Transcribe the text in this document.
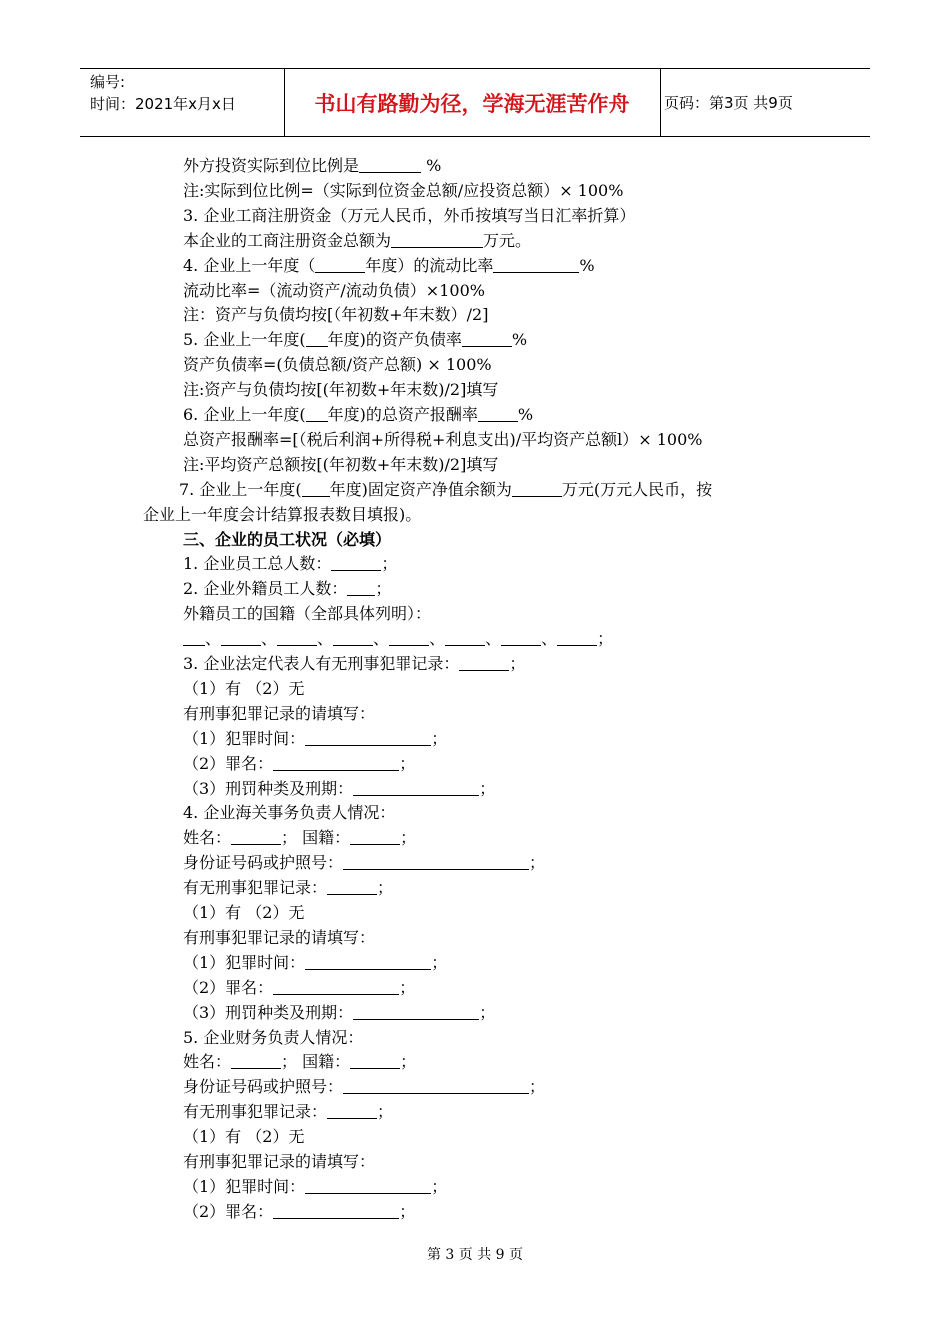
编号:
时间：2021年x月x日	书山有路勤为径，学海无涯苦作舟	页码：第3页 共9页
外方投资实际到位比例是	%
注:实际到位比例=（实际到位资金总额/应投资总额）× 100%
3. 企业工商注册资金（万元人民币，外币按填写当日汇率折算）
本企业的工商注册资金总额为	万元。
4. 企业上一年度（	年度）的流动比率	%
流动比率=（流动资产/流动负债）×100%
注：资产与负债均按[（年初数+年末数）/2]
5. 企业上一年度( 年度)的资产负债率	%
资产负债率=(负债总额/资产总额) × 100%
注:资产与负债均按[(年初数+年末数)/2]填写
6. 企业上一年度( 年度)的总资产报酬率	%
总资产报酬率=[（税后利润+所得税+利息支出)/平均资产总额l）× 100%
注:平均资产总额按[(年初数+年末数)/2]填写
7. 企业上一年度( 年度)固定资产净值余额为	万元(万元人民币，按
企业上一年度会计结算报表数目填报)。
三、企业的员工状况（必填）
1. 企业员工总人数：	；
2. 企业外籍员工人数： ；
外籍员工的国籍（全部具体列明）：
、	、	、	、	、	、	、	；
3. 企业法定代表人有无刑事犯罪记录：	；
（1）有 （2）无
有刑事犯罪记录的请填写：
（1）犯罪时间：	；
（2）罪名：	；
（3）刑罚种类及刑期：	；
4. 企业海关事务负责人情况：
姓名：	； 国籍：	；
身份证号码或护照号：	；
有无刑事犯罪记录：	；
（1）有 （2）无
有刑事犯罪记录的请填写：
（1）犯罪时间：	；
（2）罪名：	；
（3）刑罚种类及刑期：	；
5. 企业财务负责人情况：
姓名：	； 国籍：	；
身份证号码或护照号：	；
有无刑事犯罪记录：	；
（1）有 （2）无
有刑事犯罪记录的请填写：
（1）犯罪时间：	；
（2）罪名：	；
第 3 页 共 9 页
